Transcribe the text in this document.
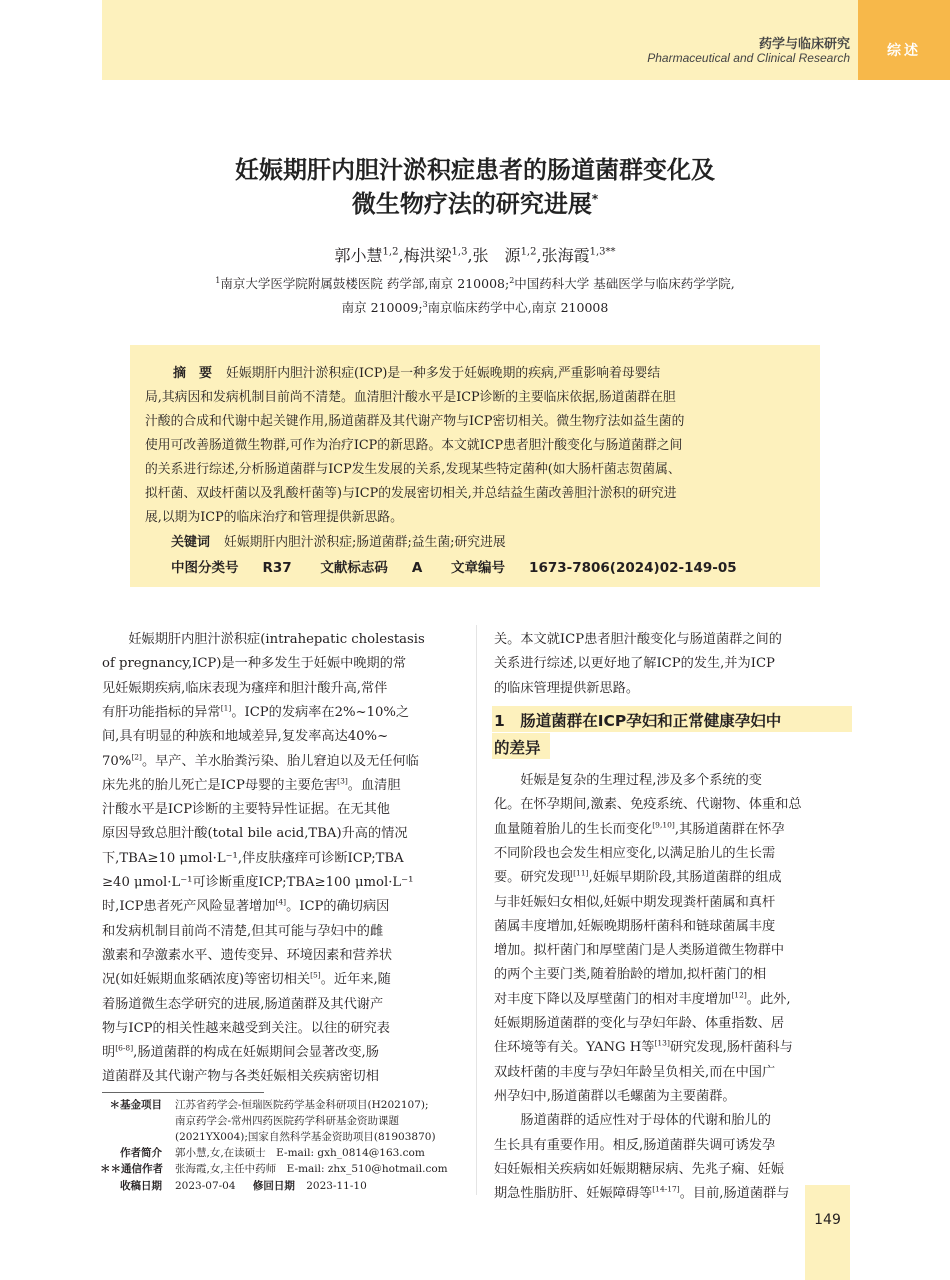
药学与临床研究
Pharmaceutical and Clinical Research	综述
妊娠期肝内胆汁淤积症患者的肠道菌群变化及
微生物疗法的研究进展*
郭小慧$^{1,2}$,梅洪梁$^{1,3}$,张　源$^{1,2}$,张海霞$^{1,3**}$
$^1$南京大学医学院附属鼓楼医院 药学部,南京 210008;$^2$中国药科大学 基础医学与临床药学学院,
南京 210009;$^3$南京临床药学中心,南京 210008
摘　要 妊娠期肝内胆汁淤积症(ICP)是一种多发于妊娠晚期的疾病,严重影响着母婴结
局,其病因和发病机制目前尚不清楚。血清胆汁酸水平是ICP诊断的主要临床依据,肠道菌群在胆
汁酸的合成和代谢中起关键作用,肠道菌群及其代谢产物与ICP密切相关。微生物疗法如益生菌的
使用可改善肠道微生物群,可作为治疗ICP的新思路。本文就ICP患者胆汁酸变化与肠道菌群之间
的关系进行综述,分析肠道菌群与ICP发生发展的关系,发现某些特定菌种(如大肠杆菌志贺菌属、
拟杆菌、双歧杆菌以及乳酸杆菌等)与ICP的发展密切相关,并总结益生菌改善胆汁淤积的研究进
展,以期为ICP的临床治疗和管理提供新思路。
关键词 妊娠期肝内胆汁淤积症;肠道菌群;益生菌;研究进展
中图分类号 R37 文献标志码 A 文章编号 1673-7806(2024)02-149-05
　　妊娠期肝内胆汁淤积症(intrahepatic cholestasis
of pregnancy,ICP)是一种多发生于妊娠中晚期的常
见妊娠期疾病,临床表现为瘙痒和胆汁酸升高,常伴
有肝功能指标的异常[1]。ICP的发病率在2%~10%之
间,具有明显的种族和地域差异,复发率高达40%~
70%[2]。早产、羊水胎粪污染、胎儿窘迫以及无任何临
床先兆的胎儿死亡是ICP母婴的主要危害[3]。血清胆
汁酸水平是ICP诊断的主要特异性证据。在无其他
原因导致总胆汁酸(total bile acid,TBA)升高的情况
下,TBA≥10 μmol·L⁻¹,伴皮肤瘙痒可诊断ICP;TBA
≥40 μmol·L⁻¹可诊断重度ICP;TBA≥100 μmol·L⁻¹
时,ICP患者死产风险显著增加[4]。ICP的确切病因
和发病机制目前尚不清楚,但其可能与孕妇中的雌
激素和孕激素水平、遗传变异、环境因素和营养状
况(如妊娠期血浆硒浓度)等密切相关[5]。近年来,随
着肠道微生态学研究的进展,肠道菌群及其代谢产
物与ICP的相关性越来越受到关注。以往的研究表
明[6-8],肠道菌群的构成在妊娠期间会显著改变,肠
道菌群及其代谢产物与各类妊娠相关疾病密切相
关。本文就ICP患者胆汁酸变化与肠道菌群之间的
关系进行综述,以更好地了解ICP的发生,并为ICP
的临床管理提供新思路。
1　肠道菌群在ICP孕妇和正常健康孕妇中
的差异
　　妊娠是复杂的生理过程,涉及多个系统的变
化。在怀孕期间,激素、免疫系统、代谢物、体重和总
血量随着胎儿的生长而变化[9,10],其肠道菌群在怀孕
不同阶段也会发生相应变化,以满足胎儿的生长需
要。研究发现[11],妊娠早期阶段,其肠道菌群的组成
与非妊娠妇女相似,妊娠中期发现粪杆菌属和真杆
菌属丰度增加,妊娠晚期肠杆菌科和链球菌属丰度
增加。拟杆菌门和厚壁菌门是人类肠道微生物群中
的两个主要门类,随着胎龄的增加,拟杆菌门的相
对丰度下降以及厚壁菌门的相对丰度增加[12]。此外,
妊娠期肠道菌群的变化与孕妇年龄、体重指数、居
住环境等有关。YANG H等[13]研究发现,肠杆菌科与
双歧杆菌的丰度与孕妇年龄呈负相关,而在中国广
州孕妇中,肠道菌群以毛螺菌为主要菌群。
　　肠道菌群的适应性对于母体的代谢和胎儿的
生长具有重要作用。相反,肠道菌群失调可诱发孕
妇妊娠相关疾病如妊娠期糖尿病、先兆子痫、妊娠
期急性脂肪肝、妊娠障碍等[14-17]。目前,肠道菌群与
＊基金项目 江苏省药学会-恒瑞医院药学基金科研项目(H202107);
南京药学会-常州四药医院药学科研基金资助课题
(2021YX004);国家自然科学基金资助项目(81903870)
作者简介 郭小慧,女,在读硕士　E-mail: gxh_0814@163.com
＊＊通信作者 张海霞,女,主任中药师　E-mail: zhx_510@hotmail.com
收稿日期 2023-07-04 修回日期 2023-11-10
149
